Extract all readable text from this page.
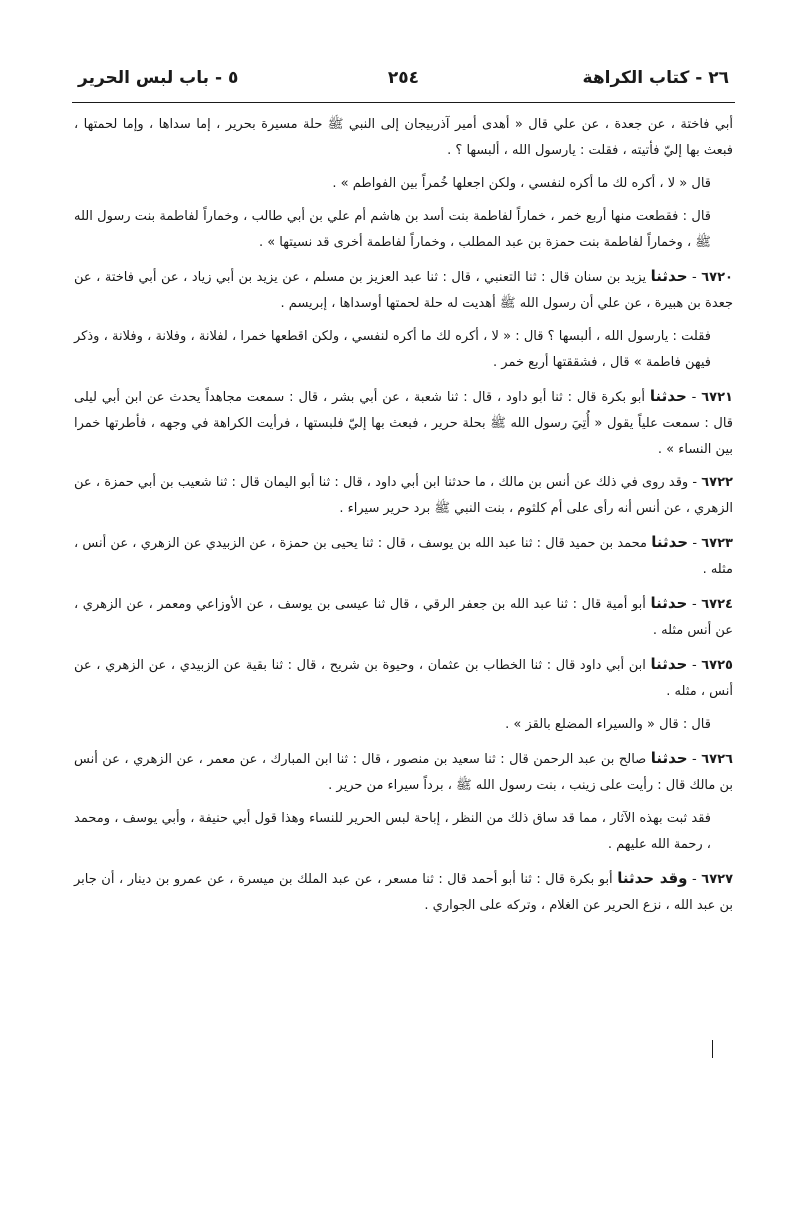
٢٦ - كتاب الكراهة
٢٥٤
٥ - باب لبس الحرير

أبي فاختة ، عن جعدة ، عن علي قال « أهدى أمير آذربيجان إلى النبي ﷺ حلة مسيرة بحرير ، إما سداها ، وإما لحمتها ، فبعث بها إليّ فأتيته ، فقلت : يارسول الله ، ألبسها ؟ .

قال « لا ، أكره لك ما أكره لنفسي ، ولكن اجعلها خُمراً بين الفواطم » .

قال : فقطعت منها أربع خمر ، خماراً لفاطمة بنت أسد بن هاشم أم علي بن أبي طالب ، وخماراً لفاطمة بنت رسول الله ﷺ ، وخماراً لفاطمة بنت حمزة بن عبد المطلب ، وخماراً لفاطمة أخرى قد نسيتها » .

٦٧٢٠ - حدثنا يزيد بن سنان قال : ثنا التعنبي ، قال : ثنا عبد العزيز بن مسلم ، عن يزيد بن أبي زياد ، عن أبي فاختة ، عن جعدة بن هبيرة ، عن علي أن رسول الله ﷺ أهديت له حلة لحمتها أوسداها ، إبريسم .

فقلت : يارسول الله ، ألبسها ؟ قال : « لا ، أكره لك ما أكره لنفسي ، ولكن اقطعها خمرا ، لفلانة ، وفلانة ، وفلانة ، وذكر فيهن فاطمة » قال ، فشققتها أربع خمر .

٦٧٢١ - حدثنا أبو بكرة قال : ثنا أبو داود ، قال : ثنا شعبة ، عن أبي بشر ، قال : سمعت مجاهداً يحدث عن ابن أبي ليلى قال : سمعت علياً يقول « أُتِيَ رسول الله ﷺ بحلة حرير ، فبعث بها إليّ فلبستها ، فرأيت الكراهة في وجهه ، فأطرتها خمرا بين النساء » .

٦٧٢٢ - وقد روى في ذلك عن أنس بن مالك ، ما حدثنا ابن أبي داود ، قال : ثنا أبو اليمان قال : ثنا شعيب بن أبي حمزة ، عن الزهري ، عن أنس أنه رأى على أم كلثوم ، بنت النبي ﷺ برد حرير سيراء .

٦٧٢٣ - حدثنا محمد بن حميد قال : ثنا عبد الله بن يوسف ، قال : ثنا يحيى بن حمزة ، عن الزبيدي عن الزهري ، عن أنس ، مثله .

٦٧٢٤ - حدثنا أبو أمية قال : ثنا عبد الله بن جعفر الرقي ، قال ثنا عيسى بن يوسف ، عن الأوزاعي ومعمر ، عن الزهري ، عن أنس مثله .

٦٧٢٥ - حدثنا ابن أبي داود قال : ثنا الخطاب بن عثمان ، وحيوة بن شريح ، قال : ثنا بقية عن الزبيدي ، عن الزهري ، عن أنس ، مثله .

قال : قال « والسيراء المضلع بالقز » .

٦٧٢٦ - حدثنا صالح بن عبد الرحمن قال : ثنا سعيد بن منصور ، قال : ثنا ابن المبارك ، عن معمر ، عن الزهري ، عن أنس بن مالك قال : رأيت على زينب ، بنت رسول الله ﷺ ، برداً سيراء من حرير .

فقد ثبت بهذه الآثار ، مما قد ساق ذلك من النظر ، إباحة لبس الحرير للنساء وهذا قول أبي حنيفة ، وأبي يوسف ، ومحمد ، رحمة الله عليهم .

٦٧٢٧ - وقد حدثنا أبو بكرة قال : ثنا أبو أحمد قال : ثنا مسعر ، عن عبد الملك بن ميسرة ، عن عمرو بن دينار ، أن جابر بن عبد الله ، نزع الحرير عن الغلام ، وتركه على الجواري .
